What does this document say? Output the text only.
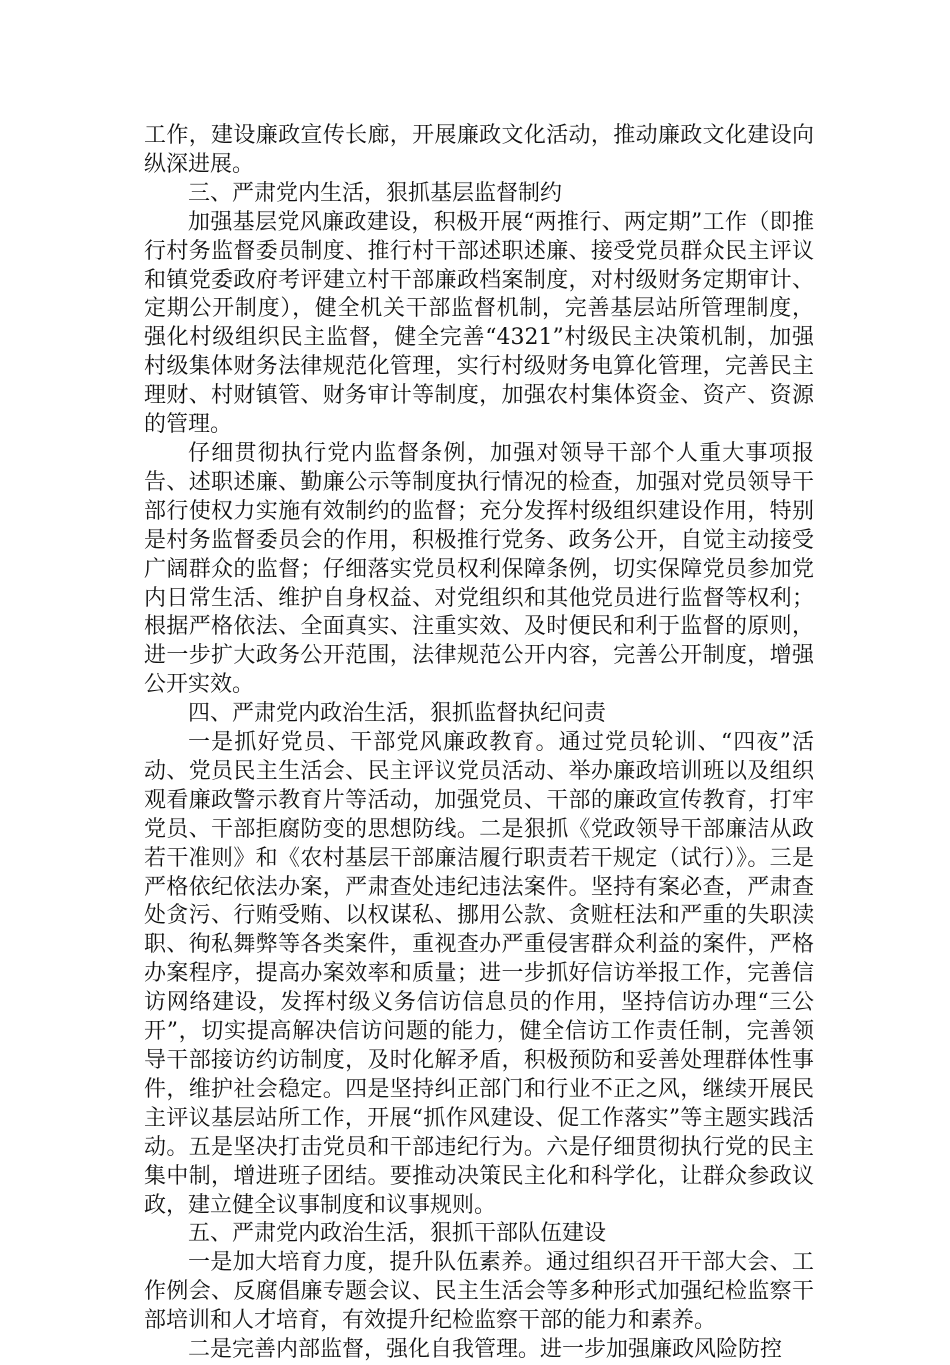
工作，建设廉政宣传长廊，开展廉政文化活动，推动廉政文化建设向纵深进展。

三、严肃党内生活，狠抓基层监督制约

加强基层党风廉政建设，积极开展“两推行、两定期”工作（即推行村务监督委员制度、推行村干部述职述廉、接受党员群众民主评议和镇党委政府考评建立村干部廉政档案制度，对村级财务定期审计、定期公开制度），健全机关干部监督机制，完善基层站所管理制度，强化村级组织民主监督，健全完善“4321”村级民主决策机制，加强村级集体财务法律规范化管理，实行村级财务电算化管理，完善民主理财、村财镇管、财务审计等制度，加强农村集体资金、资产、资源的管理。

仔细贯彻执行党内监督条例，加强对领导干部个人重大事项报告、述职述廉、勤廉公示等制度执行情况的检查，加强对党员领导干部行使权力实施有效制约的监督；充分发挥村级组织建设作用，特别是村务监督委员会的作用，积极推行党务、政务公开，自觉主动接受广阔群众的监督；仔细落实党员权利保障条例，切实保障党员参加党内日常生活、维护自身权益、对党组织和其他党员进行监督等权利；根据严格依法、全面真实、注重实效、及时便民和利于监督的原则，进一步扩大政务公开范围，法律规范公开内容，完善公开制度，增强公开实效。

四、严肃党内政治生活，狠抓监督执纪问责

一是抓好党员、干部党风廉政教育。通过党员轮训、“四夜”活动、党员民主生活会、民主评议党员活动、举办廉政培训班以及组织观看廉政警示教育片等活动，加强党员、干部的廉政宣传教育，打牢党员、干部拒腐防变的思想防线。二是狠抓《党政领导干部廉洁从政若干准则》和《农村基层干部廉洁履行职责若干规定（试行）》。三是严格依纪依法办案，严肃查处违纪违法案件。坚持有案必查，严肃查处贪污、行贿受贿、以权谋私、挪用公款、贪赃枉法和严重的失职渎职、徇私舞弊等各类案件，重视查办严重侵害群众利益的案件，严格办案程序，提高办案效率和质量；进一步抓好信访举报工作，完善信访网络建设，发挥村级义务信访信息员的作用，坚持信访办理“三公开”，切实提高解决信访问题的能力，健全信访工作责任制，完善领导干部接访约访制度，及时化解矛盾，积极预防和妥善处理群体性事件，维护社会稳定。四是坚持纠正部门和行业不正之风，继续开展民主评议基层站所工作，开展“抓作风建设、促工作落实”等主题实践活动。五是坚决打击党员和干部违纪行为。六是仔细贯彻执行党的民主集中制，增进班子团结。要推动决策民主化和科学化，让群众参政议政，建立健全议事制度和议事规则。

五、严肃党内政治生活，狠抓干部队伍建设

一是加大培育力度，提升队伍素养。通过组织召开干部大会、工作例会、反腐倡廉专题会议、民主生活会等多种形式加强纪检监察干部培训和人才培育，有效提升纪检监察干部的能力和素养。

二是完善内部监督，强化自我管理。进一步加强廉政风险防控
